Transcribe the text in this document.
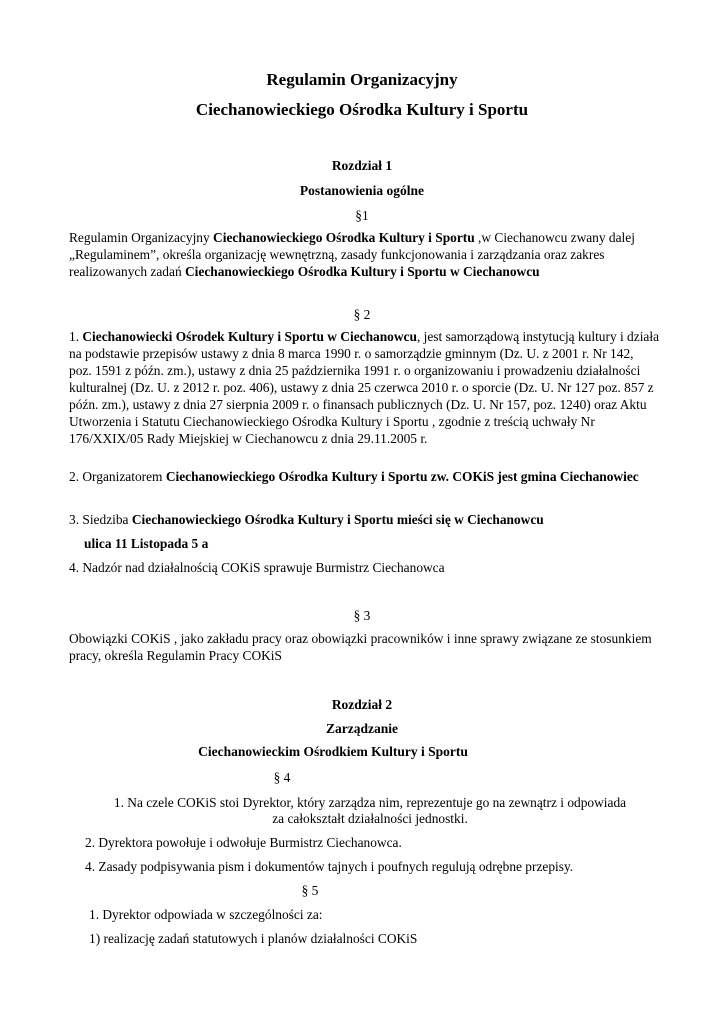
Regulamin Organizacyjny

Ciechanowieckiego Ośrodka Kultury i Sportu

Rozdział 1

Postanowienia ogólne

§1

Regulamin Organizacyjny Ciechanowieckiego Ośrodka Kultury i Sportu ,w Ciechanowcu zwany dalej „Regulaminem”, określa organizację wewnętrzną, zasady funkcjonowania i zarządzania oraz zakres realizowanych zadań Ciechanowieckiego Ośrodka Kultury i Sportu w Ciechanowcu

§ 2

1. Ciechanowiecki Ośrodek Kultury i Sportu w Ciechanowcu, jest samorządową instytucją kultury i działa na podstawie przepisów ustawy z dnia 8 marca 1990 r. o samorządzie gminnym (Dz. U. z 2001 r. Nr 142, poz. 1591 z późn. zm.), ustawy z dnia 25 października 1991 r. o organizowaniu i prowadzeniu działalności kulturalnej (Dz. U. z 2012 r. poz. 406), ustawy z dnia 25 czerwca 2010 r. o sporcie (Dz. U. Nr 127 poz. 857 z późn. zm.), ustawy z dnia 27 sierpnia 2009 r. o finansach publicznych (Dz. U. Nr 157, poz. 1240) oraz Aktu Utworzenia i Statutu Ciechanowieckiego Ośrodka Kultury i Sportu , zgodnie z treścią uchwały Nr 176/XXIX/05 Rady Miejskiej w Ciechanowcu z dnia 29.11.2005 r.

2. Organizatorem Ciechanowieckiego Ośrodka Kultury i Sportu zw. COKiS jest gmina Ciechanowiec

3. Siedziba Ciechanowieckiego Ośrodka Kultury i Sportu mieści się w Ciechanowcu

ulica 11 Listopada 5 a

4. Nadzór nad działalnością COKiS sprawuje Burmistrz Ciechanowca

§ 3

Obowiązki COKiS , jako zakładu pracy oraz obowiązki pracowników i inne sprawy związane ze stosunkiem pracy, określa Regulamin Pracy COKiS

Rozdział 2

Zarządzanie

Ciechanowieckim Ośrodkiem Kultury i Sportu

§ 4

1. Na czele COKiS stoi Dyrektor, który zarządza nim, reprezentuje go na zewnątrz i odpowiada

za całokształt działalności jednostki.

2. Dyrektora powołuje i odwołuje Burmistrz Ciechanowca.

4. Zasady podpisywania pism i dokumentów tajnych i poufnych regulują odrębne przepisy.

§ 5

1. Dyrektor odpowiada w szczególności za:

1) realizację zadań statutowych i planów działalności COKiS
